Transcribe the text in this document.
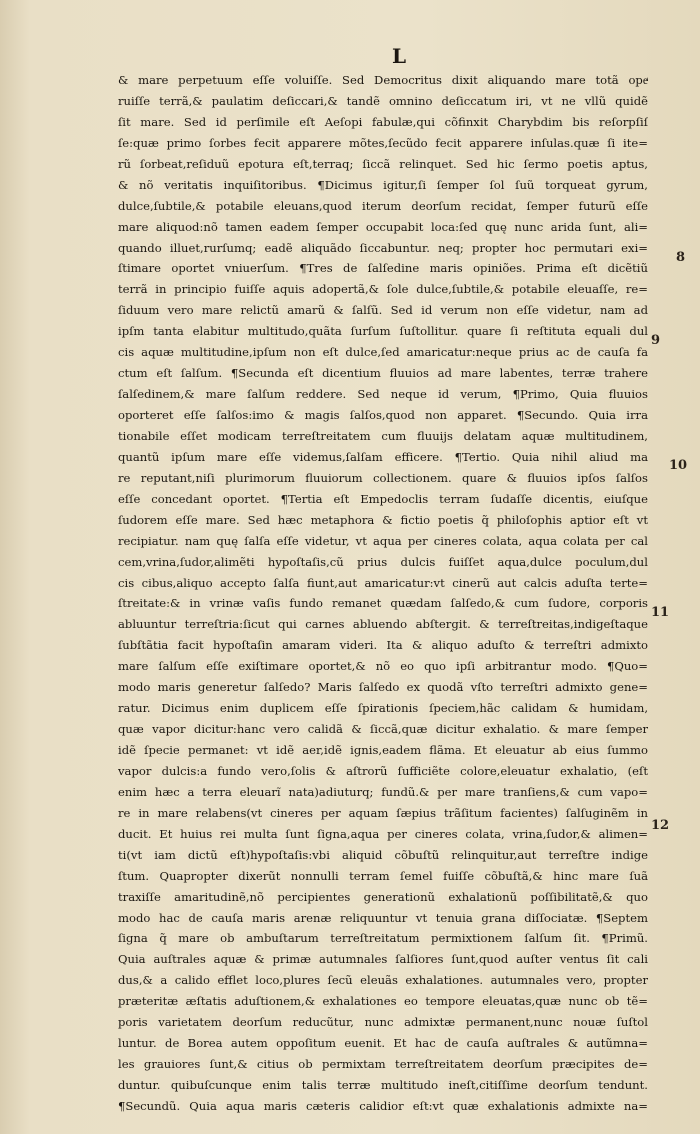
L
8
9
10
11
12
& mare perpetuum eſſe voluiſſe. Sed Democritus dixit aliquando mare totã opeͬ
ruiſſe terrã,& paulatim deſiccari,& tandẽ omnino deſiccatum iri, vt ne vllũ quidẽ
ſit mare. Sed id perſimile eſt Aeſopi fabulæ,qui cõfinxit Charybdim bis reſorpſiſ
ſe:quæ primo ſorbes fecit apparere mõtes,ſecũdo fecit apparere inſulas.quæ ſi ite=
rũ ſorbeat,reſiduũ epotura eſt,terraq; ſiccã relinquet. Sed hic ſermo poetis aptus,
& nõ veritatis inquiſitoribus. ¶Dicimus igitur,ſi ſemper ſol ſuũ torqueat gyrum,
dulce,ſubtile,& potabile eleuans,quod iterum deorſum recidat, ſemper futurũ eſſe
mare aliquod:nõ tamen eadem ſemper occupabit loca:ſed quę nunc arida ſunt, ali=
quando illuet,rurſumq; eadẽ aliquãdo ſiccabuntur. neq; propter hoc permutari exi=
ſtimare oportet vniuerſum. ¶Tres de ſalſedine maris opiniões. Prima eſt dicẽtiũ
terrã in principio fuiſſe aquis adopertã,& ſole dulce,ſubtile,& potabile eleuaſſe, re=
ſiduum vero mare relictũ amarũ & ſalſũ. Sed id verum non eſſe videtur, nam ad
ipſm tanta elabitur multitudo,quãta ſurſum ſuſtollitur. quare ſi reſtituta equali dul
cis aquæ multitudine,ipſum non eſt dulce,ſed amaricatur:neque prius ac de cauſa fa
ctum eſt ſalſum. ¶Secunda eſt dicentium fluuios ad mare labentes, terræ trahere
ſalſedinem,& mare ſalſum reddere. Sed neque id verum, ¶Primo, Quia fluuios
oporteret eſſe ſalſos:imo & magis ſalſos,quod non apparet. ¶Secundo. Quia irra
tionabile eſſet modicam terreſtreitatem cum fluuijs delatam aquæ multitudinem,
quantũ ipſum mare eſſe videmus,ſalſam efficere. ¶Tertio. Quia nihil aliud ma
re reputant,niſi plurimorum fluuiorum collectionem. quare & fluuios ipſos ſalſos
eſſe concedant oportet. ¶Tertia eſt Empedoclis terram ſudaſſe dicentis, eiuſque
ſudorem eſſe mare. Sed hæc metaphora & fictio poetis q̃ philoſophis aptior eſt vt
recipiatur. nam quę ſalſa eſſe videtur, vt aqua per cineres colata, aqua colata per cal
cem,vrina,ſudor,alimẽti hypoſtaſis,cũ prius dulcis fuiſſet aqua,dulce poculum,dul
cis cibus,aliquo accepto ſalſa fiunt,aut amaricatur:vt cinerũ aut calcis aduſta terte=
ſtreitate:& in vrinæ vaſis fundo remanet quædam ſalſedo,& cum ſudore, corporis
abluuntur terreſtria:ſicut qui carnes abluendo abſtergit. & terreſtreitas,indigeſtaque
ſubſtãtia facit hypoſtaſin amaram videri. Ita & aliquo aduſto & terreſtri admixto
mare ſalſum eſſe exiſtimare oportet,& nõ eo quo ipſi arbitrantur modo. ¶Quo=
modo maris generetur ſalſedo? Maris ſalſedo ex quodã vſto terreſtri admixto gene=
ratur. Dicimus enim duplicem eſſe ſpirationis ſpeciem,hãc calidam & humidam,
quæ vapor dicitur:hanc vero calidã & ſiccã,quæ dicitur exhalatio. & mare ſemper
idẽ ſpecie permanet: vt idẽ aer,idẽ ignis,eadem flãma. Et eleuatur ab eius ſummo
vapor dulcis:a fundo vero,ſolis & aſtrorũ ſufficiẽte colore,eleuatur exhalatio, (eſt
enim hæc a terra eleuarĩ nata)adiuturq; fundũ.& per mare tranſiens,& cum vapo=
re in mare relabens(vt cineres per aquam ſæpius trãſitum facientes) ſalſuginẽm in
ducit. Et huius rei multa ſunt ſigna,aqua per cineres colata, vrina,ſudor,& alimen=
ti(vt iam dictũ eſt)hypoſtaſis:vbi aliquid cõbuſtũ relinquitur,aut terreſtre indige
ſtum. Quapropter dixerũt nonnulli terram ſemel fuiſſe cõbuſtã,& hinc mare ſuã
traxiſſe amaritudinẽ,nõ percipientes generationũ exhalationũ poſſibilitatẽ,& quo
modo hac de cauſa maris arenæ reliquuntur vt tenuia grana diſſociatæ. ¶Septem
ſigna q̃ mare ob ambuſtarum terreſtreitatum permixtionem ſalſum ſit. ¶Primũ.
Quia auſtrales aquæ & primæ autumnales ſalſiores ſunt,quod auſter ventus ſit cali
dus,& a calido efflet loco,plures ſecũ eleuãs exhalationes. autumnales vero, propter
præteritæ æſtatis aduſtionem,& exhalationes eo tempore eleuatas,quæ nunc ob tẽ=
poris varietatem deorſum reducũtur, nunc admixtæ permanent,nunc nouæ ſuſtol
luntur. de Borea autem oppoſitum euenit. Et hac de cauſa auſtrales & autũmna=
les grauiores ſunt,& citius ob permixtam terreſtreitatem deorſum præcipites de=
duntur. quibuſcunque enim talis terræ multitudo ineſt,citiſſime deorſum tendunt.
¶Secundũ. Quia aqua maris cæteris calidior eſt:vt quæ exhalationis admixte na=
